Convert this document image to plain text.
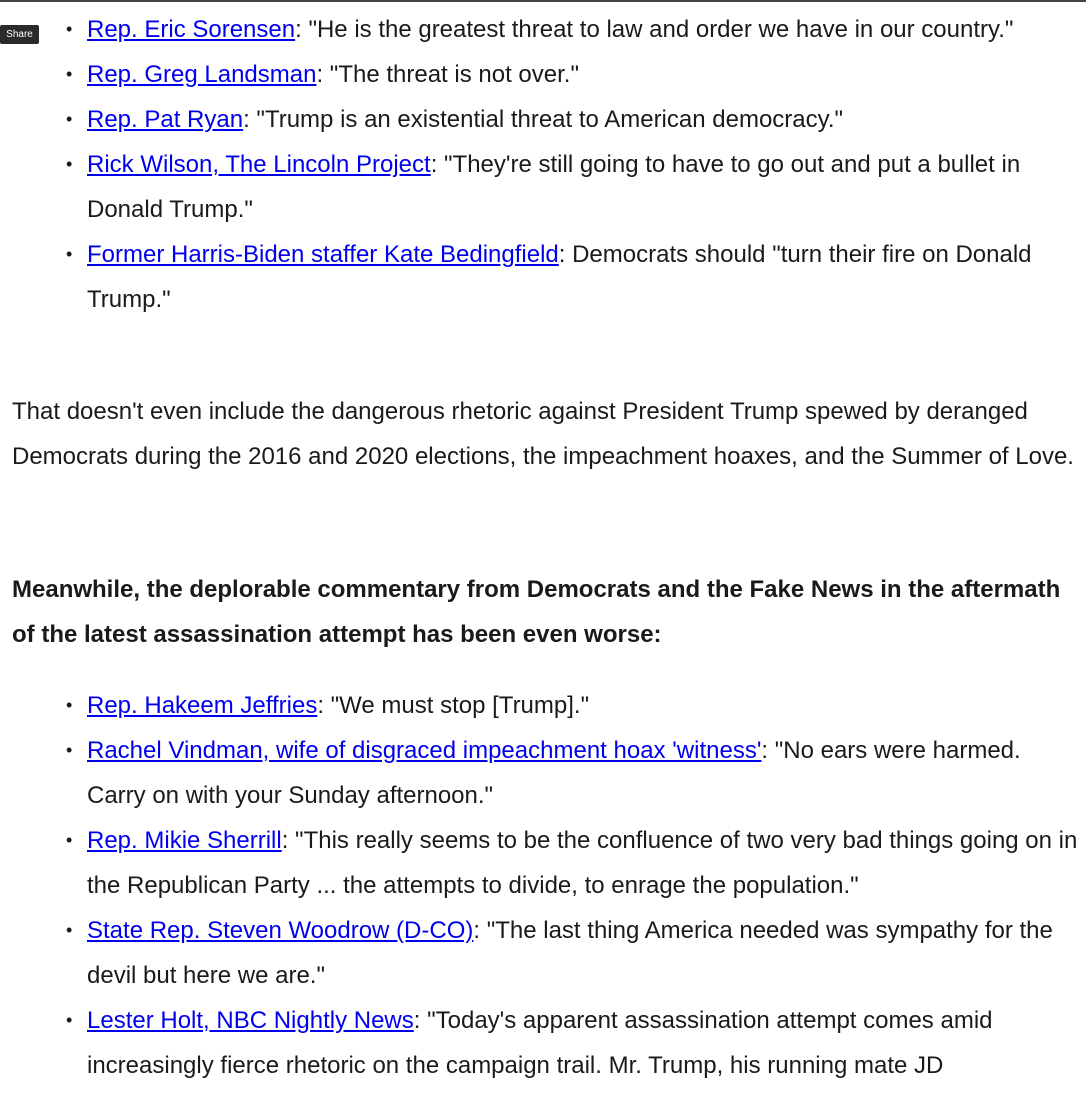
Share	• Rep. Eric Sorensen: "He is the greatest threat to law and order we have in our country."
• Rep. Greg Landsman: "The threat is not over."
• Rep. Pat Ryan: "Trump is an existential threat to American democracy."
• Rick Wilson, The Lincoln Project: "They're still going to have to go out and put a bullet in Donald Trump."
• Former Harris-Biden staffer Kate Bedingfield: Democrats should "turn their fire on Donald Trump."

That doesn't even include the dangerous rhetoric against President Trump spewed by deranged Democrats during the 2016 and 2020 elections, the impeachment hoaxes, and the Summer of Love.

Meanwhile, the deplorable commentary from Democrats and the Fake News in the aftermath of the latest assassination attempt has been even worse:

• Rep. Hakeem Jeffries: "We must stop [Trump]."
• Rachel Vindman, wife of disgraced impeachment hoax 'witness': "No ears were harmed. Carry on with your Sunday afternoon."
• Rep. Mikie Sherrill: "This really seems to be the confluence of two very bad things going on in the Republican Party ... the attempts to divide, to enrage the population."
• State Rep. Steven Woodrow (D-CO): "The last thing America needed was sympathy for the devil but here we are."
• Lester Holt, NBC Nightly News: "Today's apparent assassination attempt comes amid increasingly fierce rhetoric on the campaign trail. Mr. Trump, his running mate JD
